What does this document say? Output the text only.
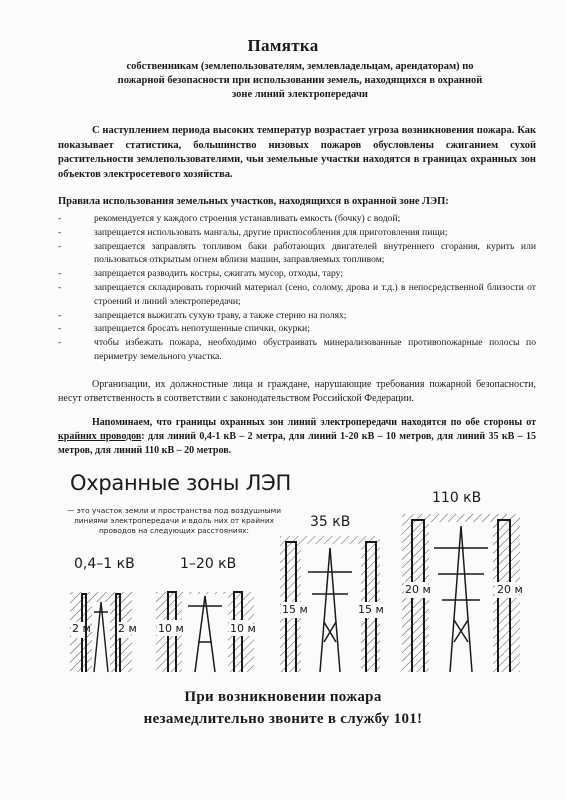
Памятка
собственникам (землепользователям, землевладельцам, арендаторам) по пожарной безопасности при использовании земель, находящихся в охранной зоне линий электропередачи

С наступлением периода высоких температур возрастает угроза возникновения пожара. Как показывает статистика, большинство низовых пожаров обусловлены сжиганием сухой растительности землепользователями, чьи земельные участки находятся в границах охранных зон объектов электросетевого хозяйства.

Правила использования земельных участков, находящихся в охранной зоне ЛЭП:
-	рекомендуется у каждого строения устанавливать емкость (бочку) с водой;
-	запрещается использовать мангалы, другие приспособления для приготовления пищи;
-	запрещается заправлять топливом баки работающих двигателей внутреннего сгорания, курить или пользоваться открытым огнем вблизи машин, заправляемых топливом;
-	запрещается разводить костры, сжигать мусор, отходы, тару;
-	запрещается складировать горючий материал (сено, солому, дрова и т.д.) в непосредственной близости от строений и линий электропередачи;
-	запрещается выжигать сухую траву, а также стерню на полях;
-	запрещается бросать непотушенные спички, окурки;
-	чтобы избежать пожара, необходимо обустраивать минерализованные противопожарные полосы по периметру земельного участка.

Организации, их должностные лица и граждане, нарушающие требования пожарной безопасности, несут ответственность в соответствии с законодательством Российской Федерации.

Напоминаем, что границы охранных зон линий электропередачи находятся по обе стороны от крайних проводов: для линий 0,4-1 кВ – 2 метра, для линий 1-20 кВ – 10 метров, для линий 35 кВ – 15 метров, для линий 110 кВ – 20 метров.

Охранные зоны ЛЭП
— это участок земли и пространства под воздушными линиями электропередачи и вдоль них от крайних проводов на следующих расстояниях:
0,4–1 кВ
2 м 2 м
1–20 кВ
10 м	10 м
35 кВ
15 м	15 м
110 кВ
20 м	20 м
При возникновении пожара
незамедлительно звоните в службу 101!
